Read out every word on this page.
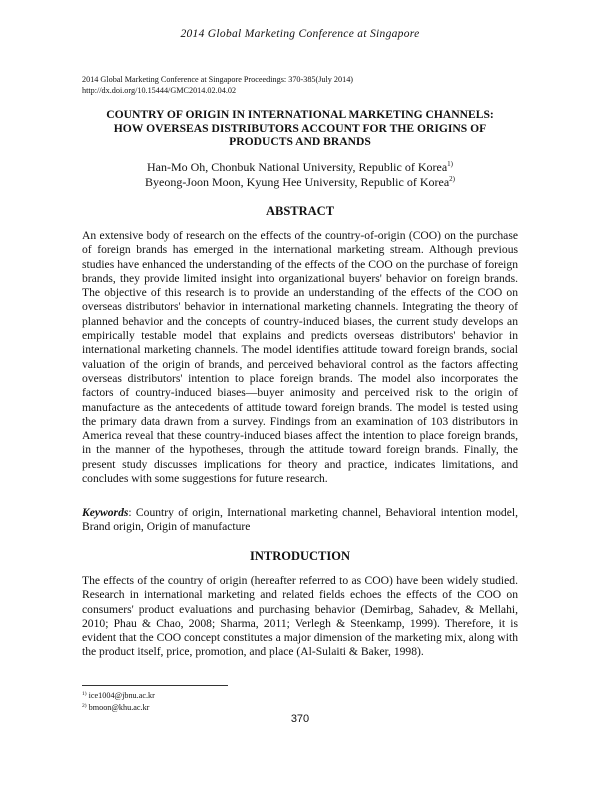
2014 Global Marketing Conference at Singapore
2014 Global Marketing Conference at Singapore Proceedings: 370-385(July 2014)
http://dx.doi.org/10.15444/GMC2014.02.04.02
COUNTRY OF ORIGIN IN INTERNATIONAL MARKETING CHANNELS:
HOW OVERSEAS DISTRIBUTORS ACCOUNT FOR THE ORIGINS OF
PRODUCTS AND BRANDS
Han-Mo Oh, Chonbuk National University, Republic of Korea$^{1)}$
Byeong-Joon Moon, Kyung Hee University, Republic of Korea$^{2)}$
ABSTRACT

An extensive body of research on the effects of the country-of-origin (COO) on the purchase of foreign brands has emerged in the international marketing stream. Although previous studies have enhanced the understanding of the effects of the COO on the purchase of foreign brands, they provide limited insight into organizational buyers' behavior on foreign brands. The objective of this research is to provide an understanding of the effects of the COO on overseas distributors' behavior in international marketing channels. Integrating the theory of planned behavior and the concepts of country-induced biases, the current study develops an empirically testable model that explains and predicts overseas distributors' behavior in international marketing channels. The model identifies attitude toward foreign brands, social valuation of the origin of brands, and perceived behavioral control as the factors affecting overseas distributors' intention to place foreign brands. The model also incorporates the factors of country-induced biases—buyer animosity and perceived risk to the origin of manufacture as the antecedents of attitude toward foreign brands. The model is tested using the primary data drawn from a survey. Findings from an examination of 103 distributors in America reveal that these country-induced biases affect the intention to place foreign brands, in the manner of the hypotheses, through the attitude toward foreign brands. Finally, the present study discusses implications for theory and practice, indicates limitations, and concludes with some suggestions for future research.

Keywords: Country of origin, International marketing channel, Behavioral intention model, Brand origin, Origin of manufacture

INTRODUCTION

The effects of the country of origin (hereafter referred to as COO) have been widely studied. Research in international marketing and related fields echoes the effects of the COO on consumers' product evaluations and purchasing behavior (Demirbag, Sahadev, & Mellahi, 2010; Phau & Chao, 2008; Sharma, 2011; Verlegh & Steenkamp, 1999). Therefore, it is evident that the COO concept constitutes a major dimension of the marketing mix, along with the product itself, price, promotion, and place (Al-Sulaiti & Baker, 1998).

$^{1)}$ ice1004@jbnu.ac.kr
$^{2)}$ bmoon@khu.ac.kr
370
